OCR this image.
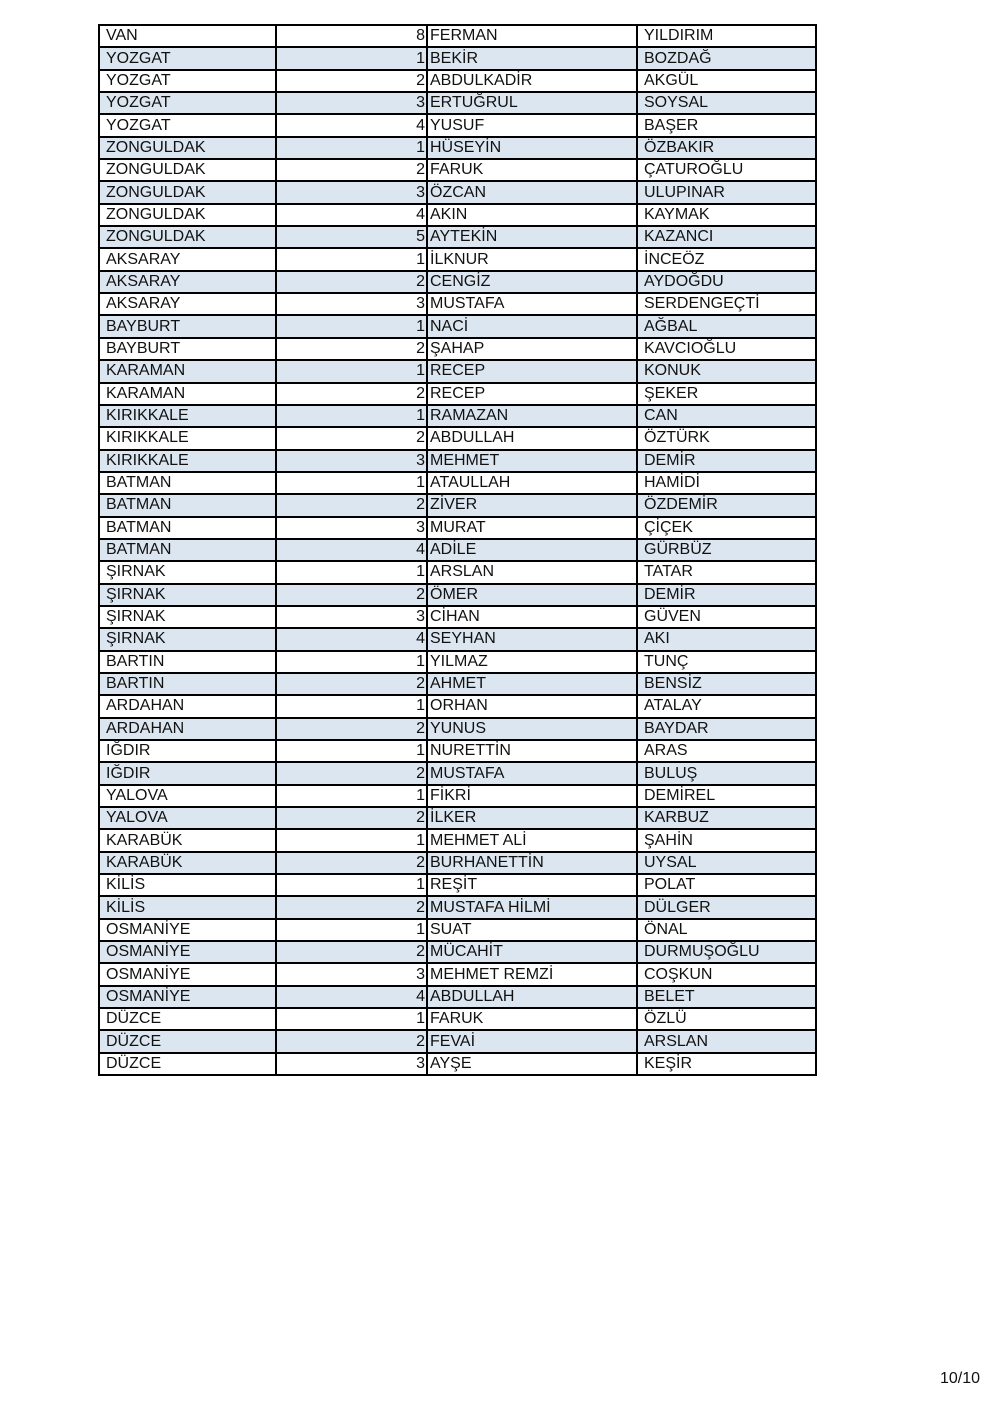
VAN	8	FERMAN	YILDIRIM
YOZGAT	1	BEKİR	BOZDAĞ
YOZGAT	2	ABDULKADİR	AKGÜL
YOZGAT	3	ERTUĞRUL	SOYSAL
YOZGAT	4	YUSUF	BAŞER
ZONGULDAK	1	HÜSEYİN	ÖZBAKIR
ZONGULDAK	2	FARUK	ÇATUROĞLU
ZONGULDAK	3	ÖZCAN	ULUPINAR
ZONGULDAK	4	AKIN	KAYMAK
ZONGULDAK	5	AYTEKİN	KAZANCI
AKSARAY	1	İLKNUR	İNCEÖZ
AKSARAY	2	CENGİZ	AYDOĞDU
AKSARAY	3	MUSTAFA	SERDENGEÇTİ
BAYBURT	1	NACİ	AĞBAL
BAYBURT	2	ŞAHAP	KAVCIOĞLU
KARAMAN	1	RECEP	KONUK
KARAMAN	2	RECEP	ŞEKER
KIRIKKALE	1	RAMAZAN	CAN
KIRIKKALE	2	ABDULLAH	ÖZTÜRK
KIRIKKALE	3	MEHMET	DEMİR
BATMAN	1	ATAULLAH	HAMİDİ
BATMAN	2	ZİVER	ÖZDEMİR
BATMAN	3	MURAT	ÇİÇEK
BATMAN	4	ADİLE	GÜRBÜZ
ŞIRNAK	1	ARSLAN	TATAR
ŞIRNAK	2	ÖMER	DEMİR
ŞIRNAK	3	CİHAN	GÜVEN
ŞIRNAK	4	SEYHAN	AKI
BARTIN	1	YILMAZ	TUNÇ
BARTIN	2	AHMET	BENSİZ
ARDAHAN	1	ORHAN	ATALAY
ARDAHAN	2	YUNUS	BAYDAR
IĞDIR	1	NURETTİN	ARAS
IĞDIR	2	MUSTAFA	BULUŞ
YALOVA	1	FİKRİ	DEMİREL
YALOVA	2	İLKER	KARBUZ
KARABÜK	1	MEHMET ALİ	ŞAHİN
KARABÜK	2	BURHANETTİN	UYSAL
KİLİS	1	REŞİT	POLAT
KİLİS	2	MUSTAFA HİLMİ	DÜLGER
OSMANİYE	1	SUAT	ÖNAL
OSMANİYE	2	MÜCAHİT	DURMUŞOĞLU
OSMANİYE	3	MEHMET REMZİ	COŞKUN
OSMANİYE	4	ABDULLAH	BELET
DÜZCE	1	FARUK	ÖZLÜ
DÜZCE	2	FEVAİ	ARSLAN
DÜZCE	3	AYŞE	KEŞİR
10/10
